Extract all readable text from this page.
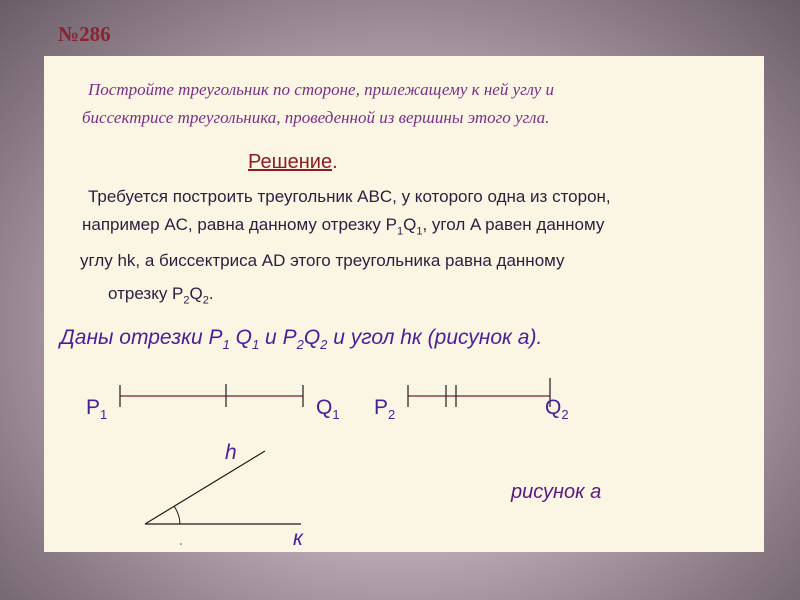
№286
Постройте треугольник по стороне, прилежащему к ней углу и
биссектрисе треугольника, проведенной из вершины этого угла.
Решение.
Требуется построить треугольник ABC, у которого одна из сторон,
например AC, равна данному отрезку $P_1Q_1$, угол A равен данному
углу hk, а биссектриса AD этого треугольника равна данному
отрезку $P_2Q_2$.
Даны отрезки $P_1$ $Q_1$ и $P_2Q_2$ и угол hк (рисунок а).
$P_1$	$Q_1$ $P_2$	$Q_2$
h
к
рисунок а
